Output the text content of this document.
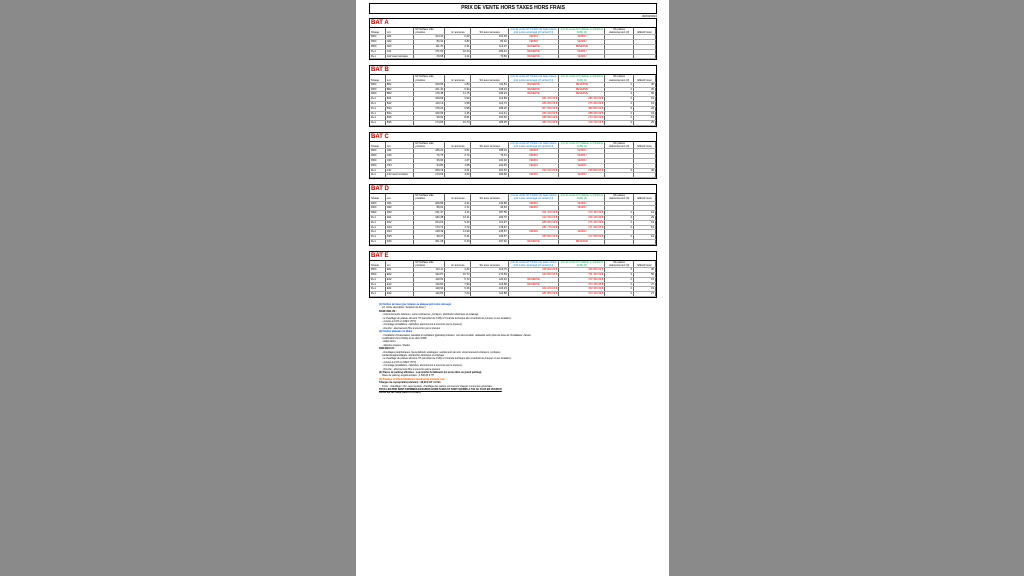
PRIX DE VENTE HORS TAXES HORS FRAIS
30/03/2024
BAT A
Niveau	Lot	M² Surface utile privative	m² annexes	SU avec annexes	prix de vente HT Finition de base toiture prêt à être aménagé (cf verbal (1))	prix de vente HT plateau nu (finitions CHS) (2)	Nb places stationnement (3)	Effectif maxi
RDC	A01	104,42	0,42	104,93	VENDU	VENDU		
RDC	A02	80,32	3,82	84,32	VENDU	VENDU		
RDC	A03	111,76	2,31	113,07	RÉSERVÉ	RÉSERVÉ		
R+1	A11	171,00	10,14	183,31	RÉSERVÉ	VENDU		
R+1	A12 avec terrasse	69,68	4,11	73,80	RÉSERVÉ	VENDU		
BAT B
Niveau	Lot	M² Surface utile privative	m² annexes	SU avec annexes	prix de vente HT Finition de base toiture prêt à être aménagé (cf verbal (1))	prix de vente HT plateau nu (finitions CHS) (2)	Nb places stationnement (3)	Effectif maxi
RDC	B01	109,96	1,84	111,81	RÉSERVÉ	RÉSERVÉ	2	30
RDC	B02	101,40	6,94	108,34	RÉSERVÉ	RÉSERVÉ	2	30
RDC	B03	170,48	11,75	182,23	RÉSERVÉ	RÉSERVÉ	4	50
R+1	B11	109,96	3,93	113,89	281 100,00 €	286 200,00 €	2	19
R+1	B12	110,14	4,58	114,72	280 000,00 €	276 300,00 €	2	19
R+1	B13	176,22	9,98	186,20	507 500,00 €	483 800,00 €	3	29
R+1	B14	109,96	4,45	114,41	283 100,00 €	288 200,00 €	2	19
R+1	B15	99,00	8,61	100,66	286 600,00 €	273 200,00 €	2	19
R+1	B16	174,86	10,73	185,35	382 100,00 €	478 700,00 €	3	29
BAT C
Niveau	Lot	M² Surface utile privative	m² annexes	SU avec annexes	prix de vente HT Finition de base toiture prêt à être aménagé (cf verbal (1))	prix de vente HT plateau nu (finitions CHS) (2)	Nb places stationnement (3)	Effectif maxi
RDC	C01	185,20	3,51	188,01	VENDU	VENDU		
RDC	C02	72,75	2,74	74,43	VENDU	VENDU		
RDC	C03	95,92	1,07	101,02	VENDU	VENDU		
RDC	C04	94,80	1,08	100,93	VENDU	VENDU		
R+1	C11	209,16	3,61	201,57	339 100,00 €	238 800,00 €	4	30
R+1	C12 avec terrasse	174,09	4,63	180,60	VENDU	VENDU		
BAT D
Niveau	Lot	M² Surface utile privative	m² annexes	SU avec annexes	prix de vente HT Finition de base toiture prêt à être aménagé (cf verbal (1))	prix de vente HT plateau nu (finitions CHS) (2)	Nb places stationnement (3)	Effectif maxi
RDC	D01	209,85	4,21	213,86	VENDU	VENDU		
RDC	D02	89,91	4,71	94,63	VENDU	VENDU		
RDC	D03	231,47	4,11	187,59	261 100,00 €	270 100,00 €	2	19
R+1	D11	182,38	10,11	193,70	310 700,00 €	318 100,00 €	4	29
R+1	D12	104,63	5,43	110,97	289 000,00 €	276 400,00 €	2	19
R+1	D13	173,72	4,72	178,97	281 770,00 €	271 900,00 €	2	19
R+1	D14	148,49	11,93	135,57	VENDU	VENDU		
R+1	D15	99,27	6,41	105,57	280 900,00 €	272 300,00 €	2	19
R+1	D16	201,28	6,40	197,92	RÉSERVÉ	RÉSERVÉ		
BAT E
Niveau	Lot	M² Surface utile privative	m² annexes	SU avec annexes	prix de vente HT Finition de base toiture prêt à être aménagé (cf verbal (1))	prix de vente HT plateau nu (finitions CHS) (2)	Nb places stationnement (3)	Effectif maxi
RDC	E01	113,11	4,64	119,76	335 600,00 €	326 800,00 €	3	30
RDC	E02	162,87	10,73	173,59	430 900,00 €	701 300,00 €	3	50
R+1	E12	119,92	6,72	122,32	RÉSERVÉ	372 300,00 €	2	19
R+1	E13	116,84	7,94	116,68	RÉSERVÉ	373 100,00 €	2	27
R+1	E21	119,92	6,16	126,23	344 100,00 €	332 300,00 €	2	19
R+1	E22	116,84	7,04	116,88	281 800,00 €	373 100,00 €	2	27
(1) Finition de base type toiturée au plateau prêt à être découpé
(cf. notice descriptive "livraison de base")
BASE INCLUS :
- cloisonnements intérieurs, portes intérieures, portiques, distribution électrique et éclairage
- le chauffage du plateau dessiné HT (aérothermie CVR) et Contrôle technique dès à l'activité du preneur et ses locataires
- cuisine à 4 MT et 4 REV (TTC)
- Comptage (installation, individuel, abonnement à souscrire par le preneur)
- Douche : abonnement fibre à souscrire par le preneur
(2) Finition plateaux nu (finis)
- Installation d'évaporateur standard et ventilation (gainable) intérieur, non découvrable, réalisable selon plan de base de l'installateur, faisant
modification (hors fluide) d'une demi-PMR
- Dalle béton
- attentes réseaux / fluides
NON INCLUS :
- Doublages périphériques, faux-plafonds, éclairages, revêtements de sols, cloisonnements intérieurs, portiques,
sanitaires/appareillages, distribution électrique et éclairage
- le chauffage du plateau dessiné HT (aérothermie CVR) et Contrôle technique dès à l'activité du preneur et ses locataires
- cuisine à 4 MT et 4 REV (TTC)
- Comptage (installation, individuel, abonnement à souscrire par le preneur)
- Douche : abonnement fibre à souscrire par le preneur
(3) Places de parking affectées : à proximité du bâtiment (en accès libre ou grand parking)
Place de parking supplémentaire : 4 500,00 € HT
(4) Pratique et Effectif Maximum maximal au moment créé
Charges de copropriété (estimées) : 28,90 € HT / m²/an
Inclus : chauffage / clim, taxe foncière, chauffage des parties communes/ charges communes générales
TOUS LES PRIX SONT EXPRIMÉS EN EUROS HORS TAXES ET SONT SOUMIS A TVA AU TAUX EN VIGUEUR
FRAIS DE NOTAIRE REDUITS (UNIS)
